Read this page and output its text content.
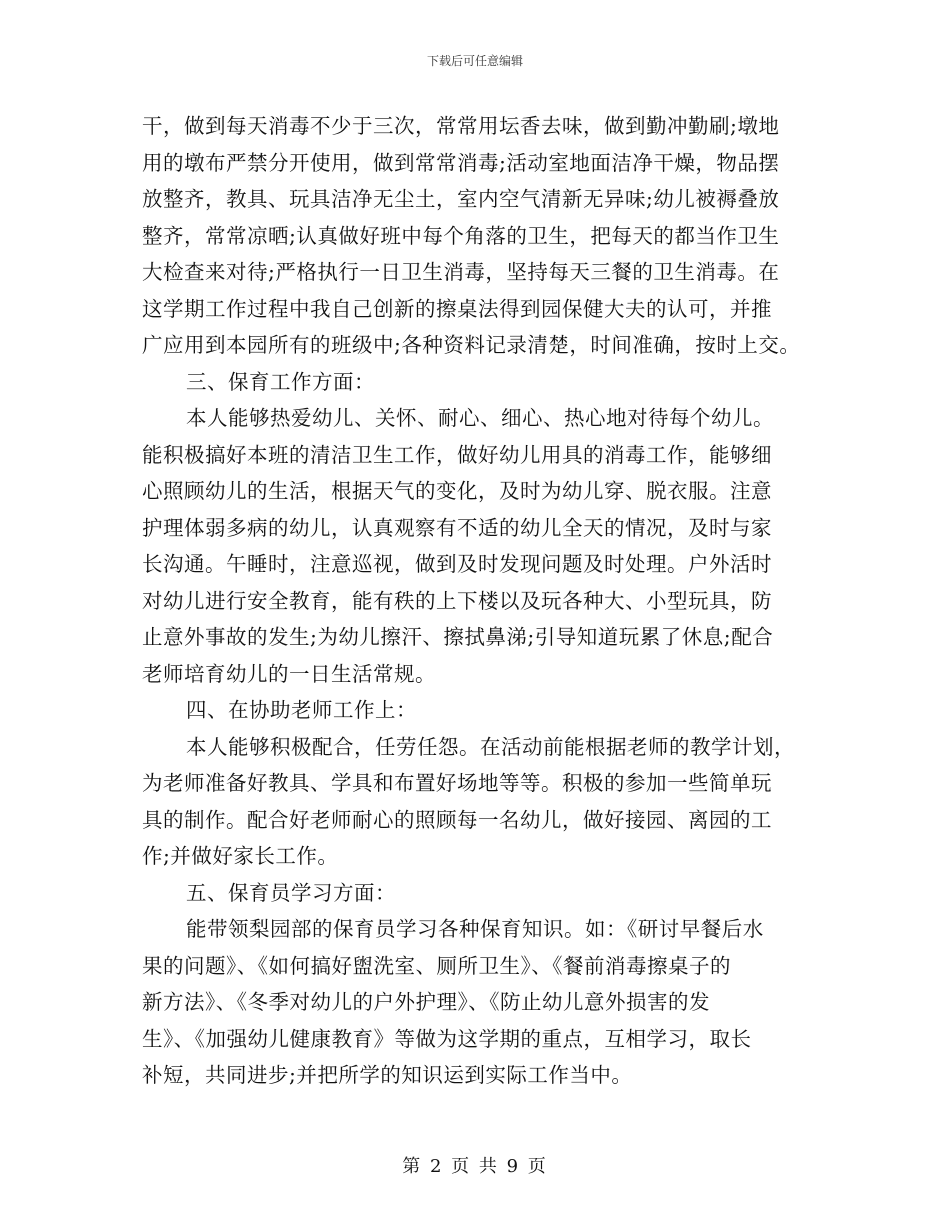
下载后可任意编辑
干，做到每天消毒不少于三次，常常用坛香去味，做到勤冲勤刷;墩地
用的墩布严禁分开使用，做到常常消毒;活动室地面洁净干燥，物品摆
放整齐，教具、玩具洁净无尘土，室内空气清新无异味;幼儿被褥叠放
整齐，常常凉晒;认真做好班中每个角落的卫生，把每天的都当作卫生
大检查来对待;严格执行一日卫生消毒，坚持每天三餐的卫生消毒。在
这学期工作过程中我自己创新的擦桌法得到园保健大夫的认可，并推
广应用到本园所有的班级中;各种资料记录清楚，时间准确，按时上交。
三、保育工作方面：
本人能够热爱幼儿、关怀、耐心、细心、热心地对待每个幼儿。
能积极搞好本班的清洁卫生工作，做好幼儿用具的消毒工作，能够细
心照顾幼儿的生活，根据天气的变化，及时为幼儿穿、脱衣服。注意
护理体弱多病的幼儿，认真观察有不适的幼儿全天的情况，及时与家
长沟通。午睡时，注意巡视，做到及时发现问题及时处理。户外活时
对幼儿进行安全教育，能有秩的上下楼以及玩各种大、小型玩具，防
止意外事故的发生;为幼儿擦汗、擦拭鼻涕;引导知道玩累了休息;配合
老师培育幼儿的一日生活常规。
四、在协助老师工作上：
本人能够积极配合，任劳任怨。在活动前能根据老师的教学计划，
为老师准备好教具、学具和布置好场地等等。积极的参加一些简单玩
具的制作。配合好老师耐心的照顾每一名幼儿，做好接园、离园的工
作;并做好家长工作。
五、保育员学习方面：
能带领梨园部的保育员学习各种保育知识。如：《研讨早餐后水
果的问题》、《如何搞好盥洗室、厕所卫生》、《餐前消毒擦桌子的
新方法》、《冬季对幼儿的户外护理》、《防止幼儿意外损害的发
生》、《加强幼儿健康教育》等做为这学期的重点，互相学习，取长
补短，共同进步;并把所学的知识运到实际工作当中。
第 2 页 共 9 页
